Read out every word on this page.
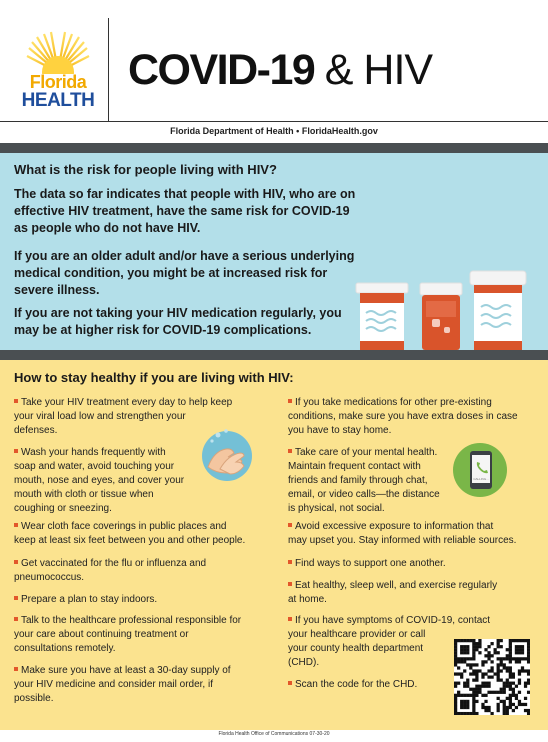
Florida
HEALTH
COVID-19 & HIV
Florida Department of Health • FloridaHealth.gov
What is the risk for people living with HIV?
The data so far indicates that people with HIV, who are on
effective HIV treatment, have the same risk for COVID-19
as people who do not have HIV.
If you are an older adult and/or have a serious underlying
medical condition, you might be at increased risk for
severe illness.
If you are not taking your HIV medication regularly, you
may be at higher risk for COVID-19 complications.
How to stay healthy if you are living with HIV:
Take your HIV treatment every day to help keep
your viral load low and strengthen your
defenses.
Wash your hands frequently with
soap and water, avoid touching your
mouth, nose and eyes, and cover your
mouth with cloth or tissue when
coughing or sneezing.
Wear cloth face coverings in public places and
keep at least six feet between you and other people.
Get vaccinated for the flu or influenza and
pneumococcus.
Prepare a plan to stay indoors.
Talk to the healthcare professional responsible for
your care about continuing treatment or
consultations remotely.
Make sure you have at least a 30-day supply of
your HIV medicine and consider mail order, if
possible.
If you take medications for other pre-existing
conditions, make sure you have extra doses in case
you have to stay home.
Take care of your mental health.
Maintain frequent contact with
friends and family through chat,
email, or video calls—the distance
is physical, not social.
Avoid excessive exposure to information that
may upset you. Stay informed with reliable sources.
Find ways to support one another.
Eat healthy, sleep well, and exercise regularly
at home.
If you have symptoms of COVID-19, contact
your healthcare provider or call
your county health department
(CHD).
Scan the code for the CHD.
CALLING...
Florida Health Office of Communications 07-30-20
